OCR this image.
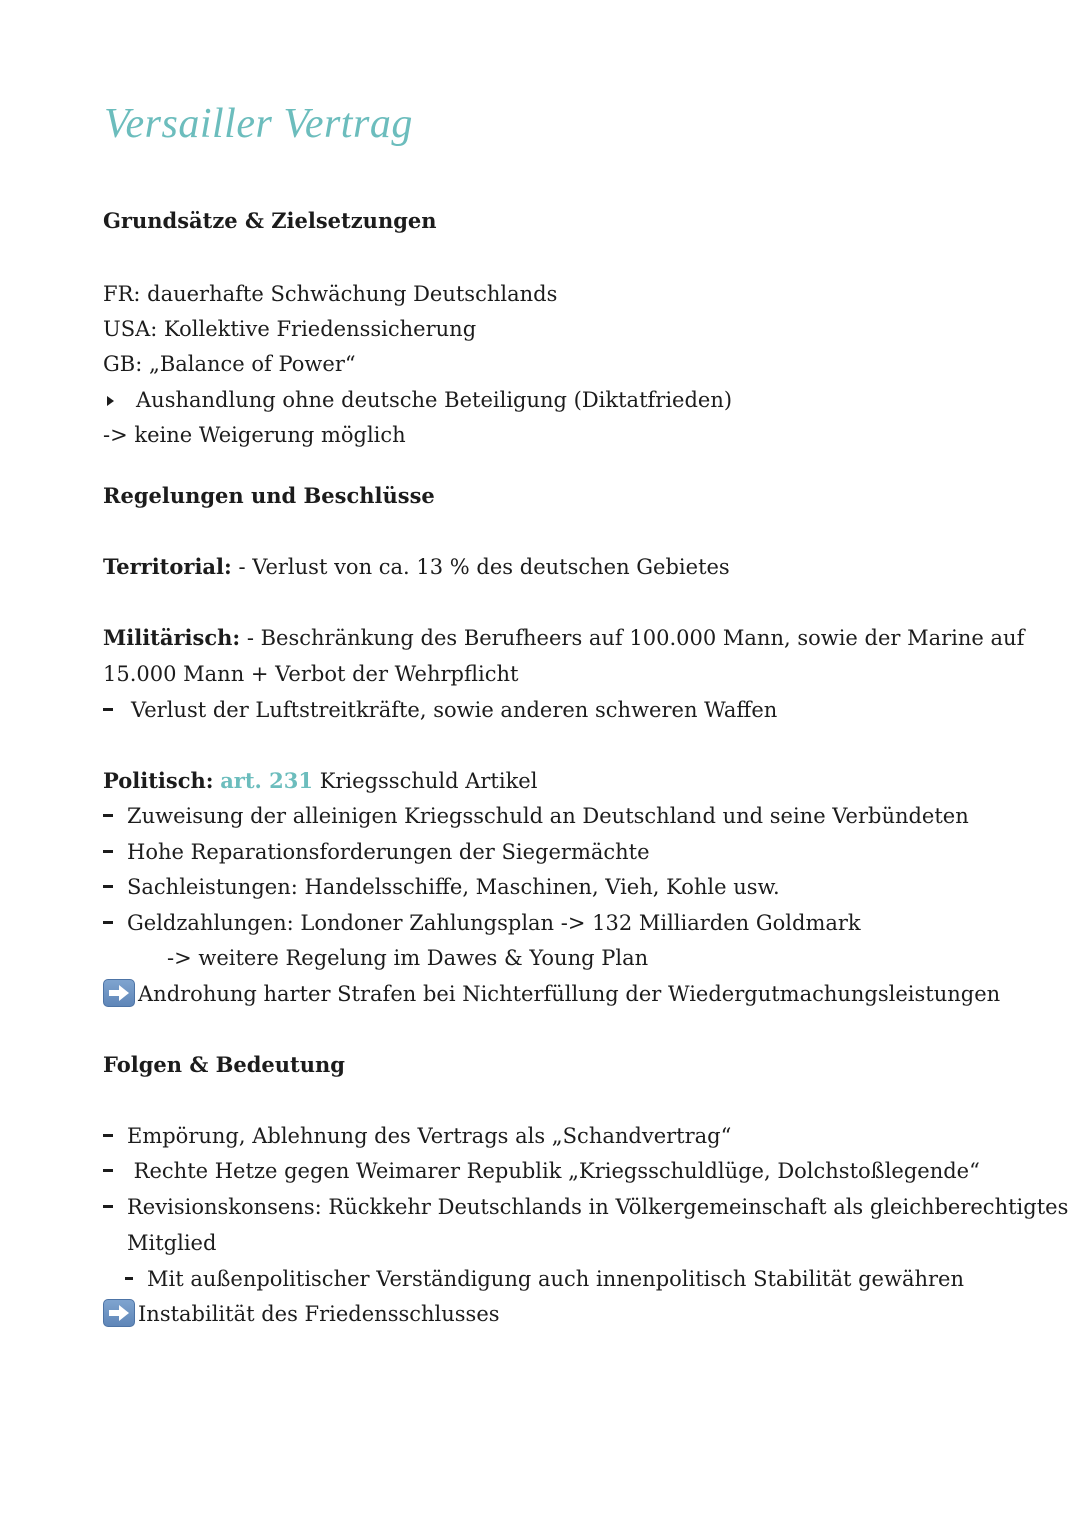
Versailler Vertrag
Grundsätze & Zielsetzungen
FR: dauerhafte Schwächung Deutschlands
USA: Kollektive Friedenssicherung
GB: „Balance of Power“
Aushandlung ohne deutsche Beteiligung (Diktatfrieden)
-> keine Weigerung möglich
Regelungen und Beschlüsse
Territorial: - Verlust von ca. 13 % des deutschen Gebietes
Militärisch: - Beschränkung des Berufheers auf 100.000 Mann, sowie der Marine auf
15.000 Mann + Verbot der Wehrpflicht
Verlust der Luftstreitkräfte, sowie anderen schweren Waffen
Politisch: art. 231 Kriegsschuld Artikel
Zuweisung der alleinigen Kriegsschuld an Deutschland und seine Verbündeten
Hohe Reparationsforderungen der Siegermächte
Sachleistungen: Handelsschiffe, Maschinen, Vieh, Kohle usw.
Geldzahlungen: Londoner Zahlungsplan -> 132 Milliarden Goldmark
-> weitere Regelung im Dawes & Young Plan
Androhung harter Strafen bei Nichterfüllung der Wiedergutmachungsleistungen
Folgen & Bedeutung
Empörung, Ablehnung des Vertrags als „Schandvertrag“
Rechte Hetze gegen Weimarer Republik „Kriegsschuldlüge, Dolchstoßlegende“
Revisionskonsens: Rückkehr Deutschlands in Völkergemeinschaft als gleichberechtigtes
Mitglied
Mit außenpolitischer Verständigung auch innenpolitisch Stabilität gewähren
Instabilität des Friedensschlusses
